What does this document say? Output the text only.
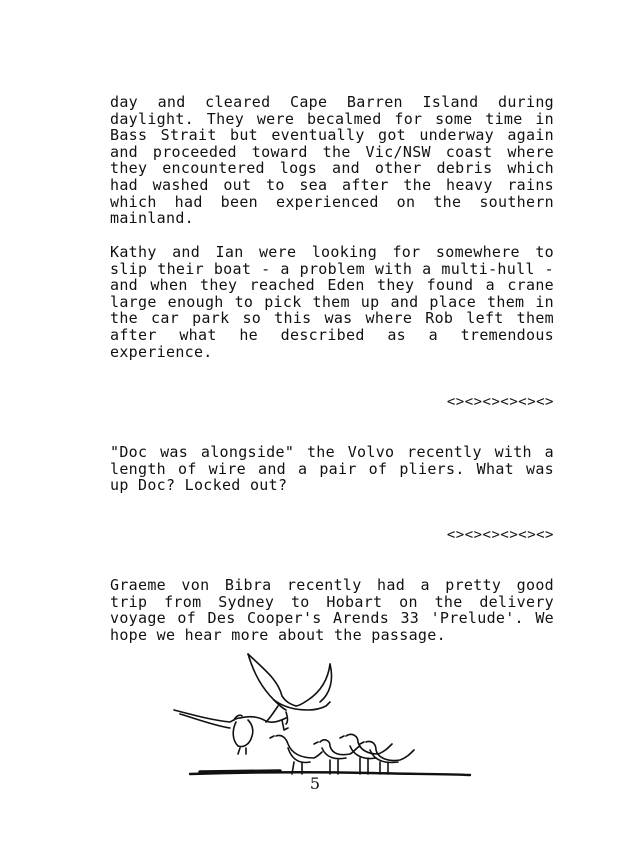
day and cleared Cape Barren Island during daylight. They were becalmed for some time in Bass Strait but eventually got underway again and proceeded toward the Vic/NSW coast where they encountered logs and other debris which had washed out to sea after the heavy rains which had been experienced on the southern mainland.

Kathy and Ian were looking for somewhere to slip their boat - a problem with a multi-hull - and when they reached Eden they found a crane large enough to pick them up and place them in the car park so this was where Rob left them after what he described as a tremendous experience.

<><><><><><>

"Doc was alongside" the Volvo recently with a length of wire and a pair of pliers. What was up Doc? Locked out?

<><><><><><>

Graeme von Bibra recently had a pretty good trip from Sydney to Hobart on the delivery voyage of Des Cooper's Arends 33 'Prelude'. We hope we hear more about the passage.

5
